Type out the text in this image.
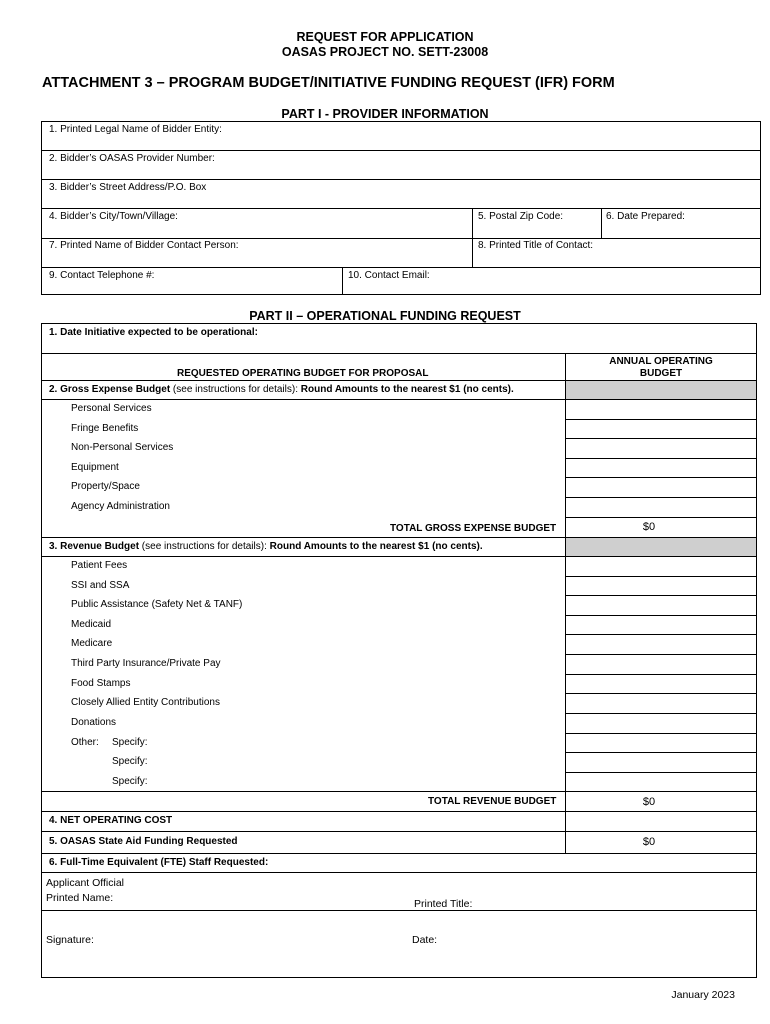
REQUEST FOR APPLICATION
OASAS PROJECT NO. SETT-23008
ATTACHMENT 3 – PROGRAM BUDGET/INITIATIVE FUNDING REQUEST (IFR) FORM
PART I - PROVIDER INFORMATION
1. Printed Legal Name of Bidder Entity:
2. Bidder’s OASAS Provider Number:
3. Bidder’s Street Address/P.O. Box
4. Bidder’s City/Town/Village:	5. Postal Zip Code:	6. Date Prepared:
7. Printed Name of Bidder Contact Person:	8. Printed Title of Contact:
9. Contact Telephone #:	10. Contact Email:
PART II – OPERATIONAL FUNDING REQUEST
1. Date Initiative expected to be operational:
REQUESTED OPERATING BUDGET FOR PROPOSAL
ANNUAL OPERATING
BUDGET
2. Gross Expense Budget (see instructions for details): Round Amounts to the nearest $1 (no cents).
Personal Services
Fringe Benefits
Non-Personal Services
Equipment
Property/Space
Agency Administration
TOTAL GROSS EXPENSE BUDGET	$0
3. Revenue Budget (see instructions for details): Round Amounts to the nearest $1 (no cents).
Patient Fees
SSI and SSA
Public Assistance (Safety Net & TANF)
Medicaid
Medicare
Third Party Insurance/Private Pay
Food Stamps
Closely Allied Entity Contributions
Donations
Other: Specify:
Specify:
Specify:
TOTAL REVENUE BUDGET	$0
4. NET OPERATING COST
5. OASAS State Aid Funding Requested	$0
6. Full-Time Equivalent (FTE) Staff Requested:
Applicant Official
Printed Name:	Printed Title:
Signature:	Date:
January 2023
